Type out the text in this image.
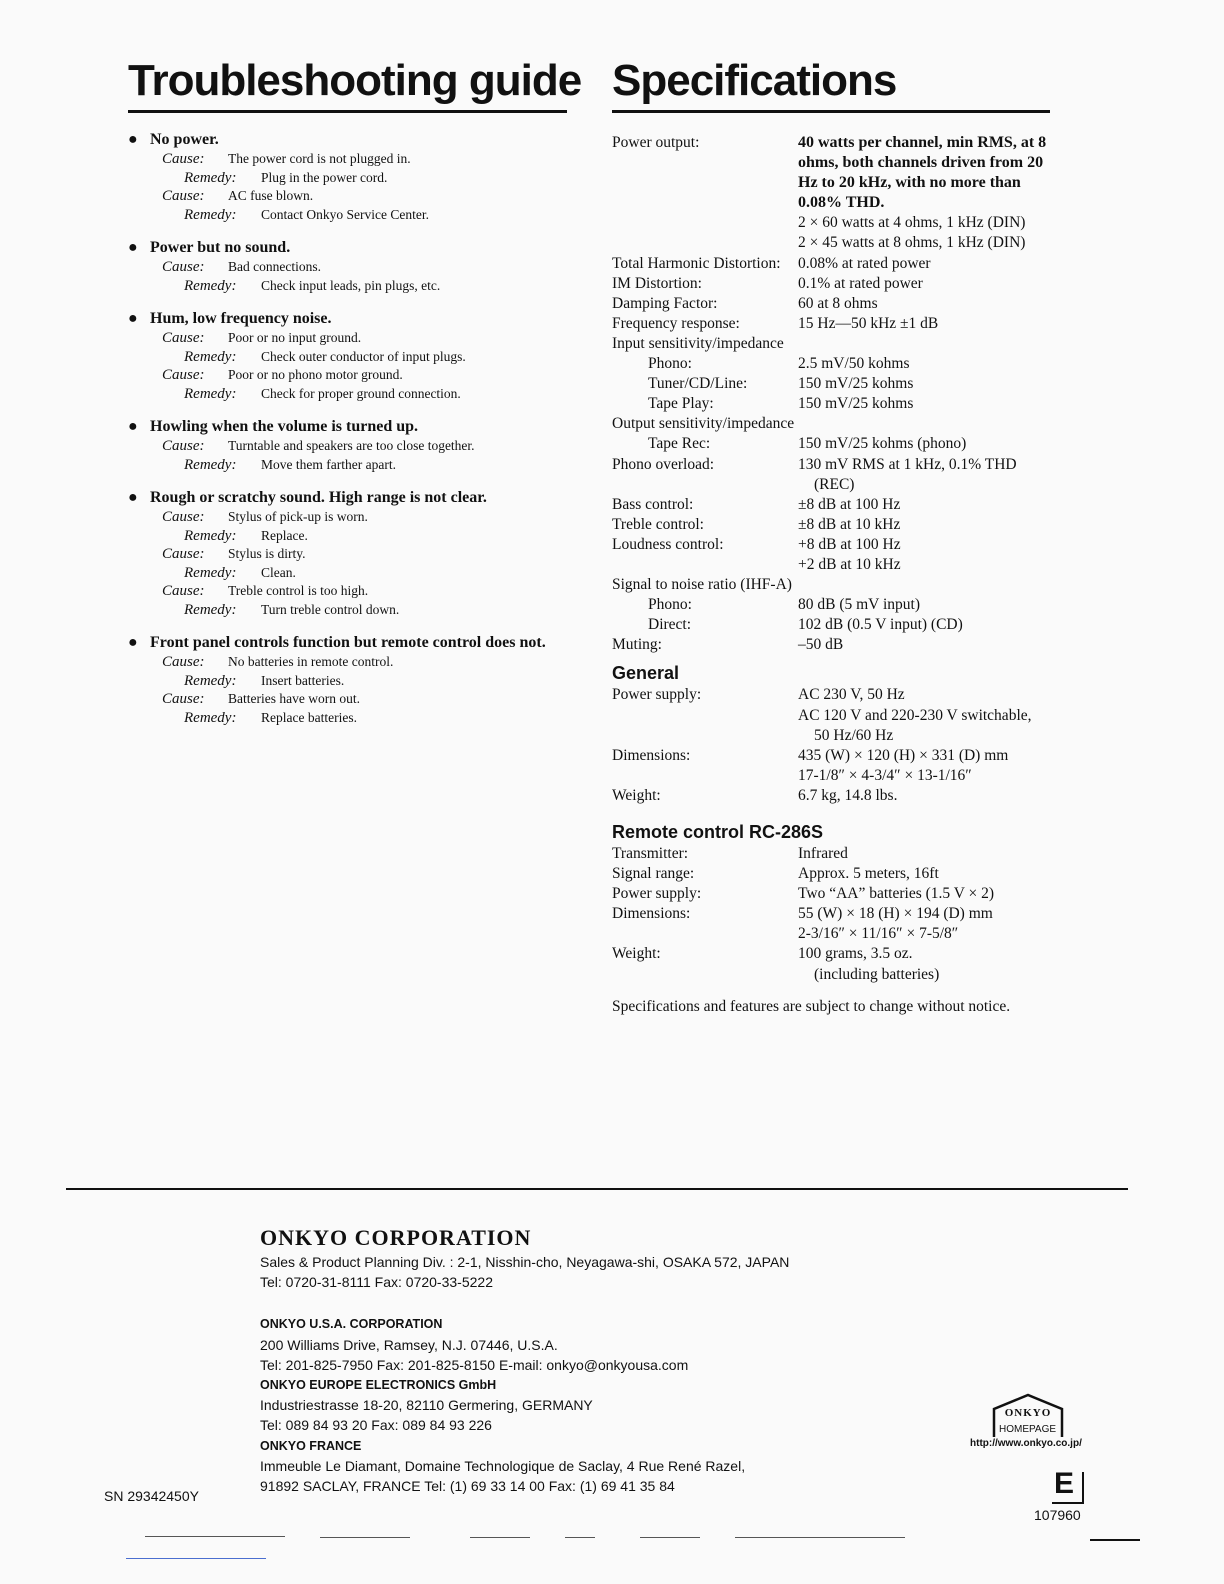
Troubleshooting guide Specifications
● No power.
Cause: The power cord is not plugged in.
Remedy: Plug in the power cord.
Cause: AC fuse blown.
Remedy: Contact Onkyo Service Center.
● Power but no sound.
Cause: Bad connections.
Remedy: Check input leads, pin plugs, etc.
● Hum, low frequency noise.
Cause: Poor or no input ground.
Remedy: Check outer conductor of input plugs.
Cause: Poor or no phono motor ground.
Remedy: Check for proper ground connection.
● Howling when the volume is turned up.
Cause: Turntable and speakers are too close together.
Remedy: Move them farther apart.
● Rough or scratchy sound. High range is not clear.
Cause: Stylus of pick-up is worn.
Remedy: Replace.
Cause: Stylus is dirty.
Remedy: Clean.
Cause: Treble control is too high.
Remedy: Turn treble control down.
● Front panel controls function but remote control does not.
Cause: No batteries in remote control.
Remedy: Insert batteries.
Cause: Batteries have worn out.
Remedy: Replace batteries.
Power output:	40 watts per channel, min RMS, at 8 ohms, both channels driven from 20 Hz to 20 kHz, with no more than 0.08% THD.
2 × 60 watts at 4 ohms, 1 kHz (DIN)
2 × 45 watts at 8 ohms, 1 kHz (DIN)
Total Harmonic Distortion:	0.08% at rated power
IM Distortion:	0.1% at rated power
Damping Factor:	60 at 8 ohms
Frequency response:	15 Hz—50 kHz ±1 dB
Input sensitivity/impedance
Phono:	2.5 mV/50 kohms
Tuner/CD/Line:	150 mV/25 kohms
Tape Play:	150 mV/25 kohms
Output sensitivity/impedance
Tape Rec:	150 mV/25 kohms (phono)
Phono overload:	130 mV RMS at 1 kHz, 0.1% THD
(REC)
Bass control:	±8 dB at 100 Hz
Treble control:	±8 dB at 10 kHz
Loudness control:	+8 dB at 100 Hz
+2 dB at 10 kHz
Signal to noise ratio (IHF-A)
Phono:	80 dB (5 mV input)
Direct:	102 dB (0.5 V input) (CD)
Muting:	–50 dB
General
Power supply:	AC 230 V, 50 Hz
AC 120 V and 220-230 V switchable,
50 Hz/60 Hz
Dimensions:	435 (W) × 120 (H) × 331 (D) mm
17-1/8″ × 4-3/4″ × 13-1/16″
Weight:	6.7 kg, 14.8 lbs.
Remote control RC-286S
Transmitter:	Infrared
Signal range:	Approx. 5 meters, 16ft
Power supply:	Two “AA” batteries (1.5 V × 2)
Dimensions:	55 (W) × 18 (H) × 194 (D) mm
2-3/16″ × 11/16″ × 7-5/8″
Weight:	100 grams, 3.5 oz.
(including batteries)
Specifications and features are subject to change without notice.
ONKYO CORPORATION
Sales & Product Planning Div. : 2-1, Nisshin-cho, Neyagawa-shi, OSAKA 572, JAPAN
Tel: 0720-31-8111 Fax: 0720-33-5222
ONKYO U.S.A. CORPORATION
200 Williams Drive, Ramsey, N.J. 07446, U.S.A.
Tel: 201-825-7950 Fax: 201-825-8150 E-mail: onkyo@onkyousa.com
ONKYO EUROPE ELECTRONICS GmbH
Industriestrasse 18-20, 82110 Germering, GERMANY
Tel: 089 84 93 20 Fax: 089 84 93 226
ONKYO FRANCE
Immeuble Le Diamant, Domaine Technologique de Saclay, 4 Rue René Razel,
91892 SACLAY, FRANCE Tel: (1) 69 33 14 00 Fax: (1) 69 41 35 84
SN 29342450Y
ONKYO
HOMEPAGE
http://www.onkyo.co.jp/
E
107960
